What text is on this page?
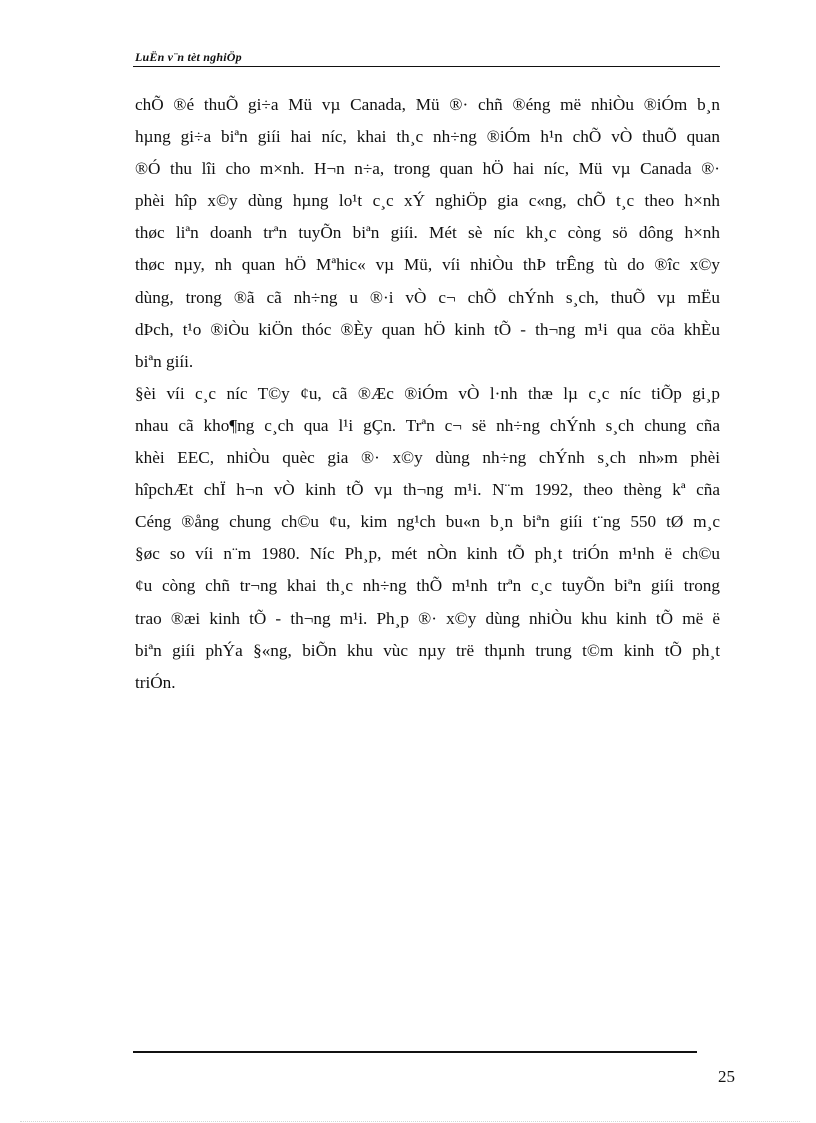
LuËn v¨n tèt nghiÖp
chÕ ®é thuÕ gi÷a Mü vµ Canada, Mü ®· chñ ®éng më nhiÒu ®iÓm b¸n
hµng gi÷a biªn giíi hai níc, khai th¸c nh÷ng ®iÓm h¹n chÕ vÒ thuÕ quan
®Ó thu lîi cho m×nh. H¬n n÷a, trong quan hÖ hai níc, Mü vµ Canada ®·
phèi hîp x©y dùng hµng lo¹t c¸c xÝ nghiÖp gia c«ng, chÕ t¸c theo h×nh
thøc liªn doanh trªn tuyÕn biªn giíi. Mét sè níc kh¸c còng sö dông h×nh
thøc nµy, nh quan hÖ Mªhic« vµ Mü, víi nhiÒu thÞ trÊng tù do ®îc x©y
dùng, trong ®ã cã nh÷ng u ®·i vÒ c¬ chÕ chÝnh s¸ch, thuÕ vµ mËu
dÞch, t¹o ®iÒu kiÖn thóc ®Èy quan hÖ kinh tÕ - th¬ng m¹i qua cöa khÈu
biªn giíi.
§èi víi c¸c níc T©y ¢u, cã ®Æc ®iÓm vÒ l·nh thæ lµ c¸c níc tiÕp gi¸p
nhau cã kho¶ng c¸ch qua l¹i gÇn. Trªn c¬ së nh÷ng chÝnh s¸ch chung cña
khèi EEC, nhiÒu quèc gia ®· x©y dùng nh÷ng chÝnh s¸ch nh»m phèi
hîpchÆt chÏ h¬n vÒ kinh tÕ vµ th¬ng m¹i. N¨m 1992, theo thèng kª cña
Céng ®ång chung ch©u ¢u, kim ng¹ch bu«n b¸n biªn giíi t¨ng 550 tØ m¸c
§øc so víi n¨m 1980. Níc Ph¸p, mét nÒn kinh tÕ ph¸t triÓn m¹nh ë ch©u
¢u còng chñ tr¬ng khai th¸c nh÷ng thÕ m¹nh trªn c¸c tuyÕn biªn giíi trong
trao ®æi kinh tÕ - th¬ng m¹i. Ph¸p ®· x©y dùng nhiÒu khu kinh tÕ më ë
biªn giíi phÝa §«ng, biÕn khu vùc nµy trë thµnh trung t©m kinh tÕ ph¸t
triÓn.
25
